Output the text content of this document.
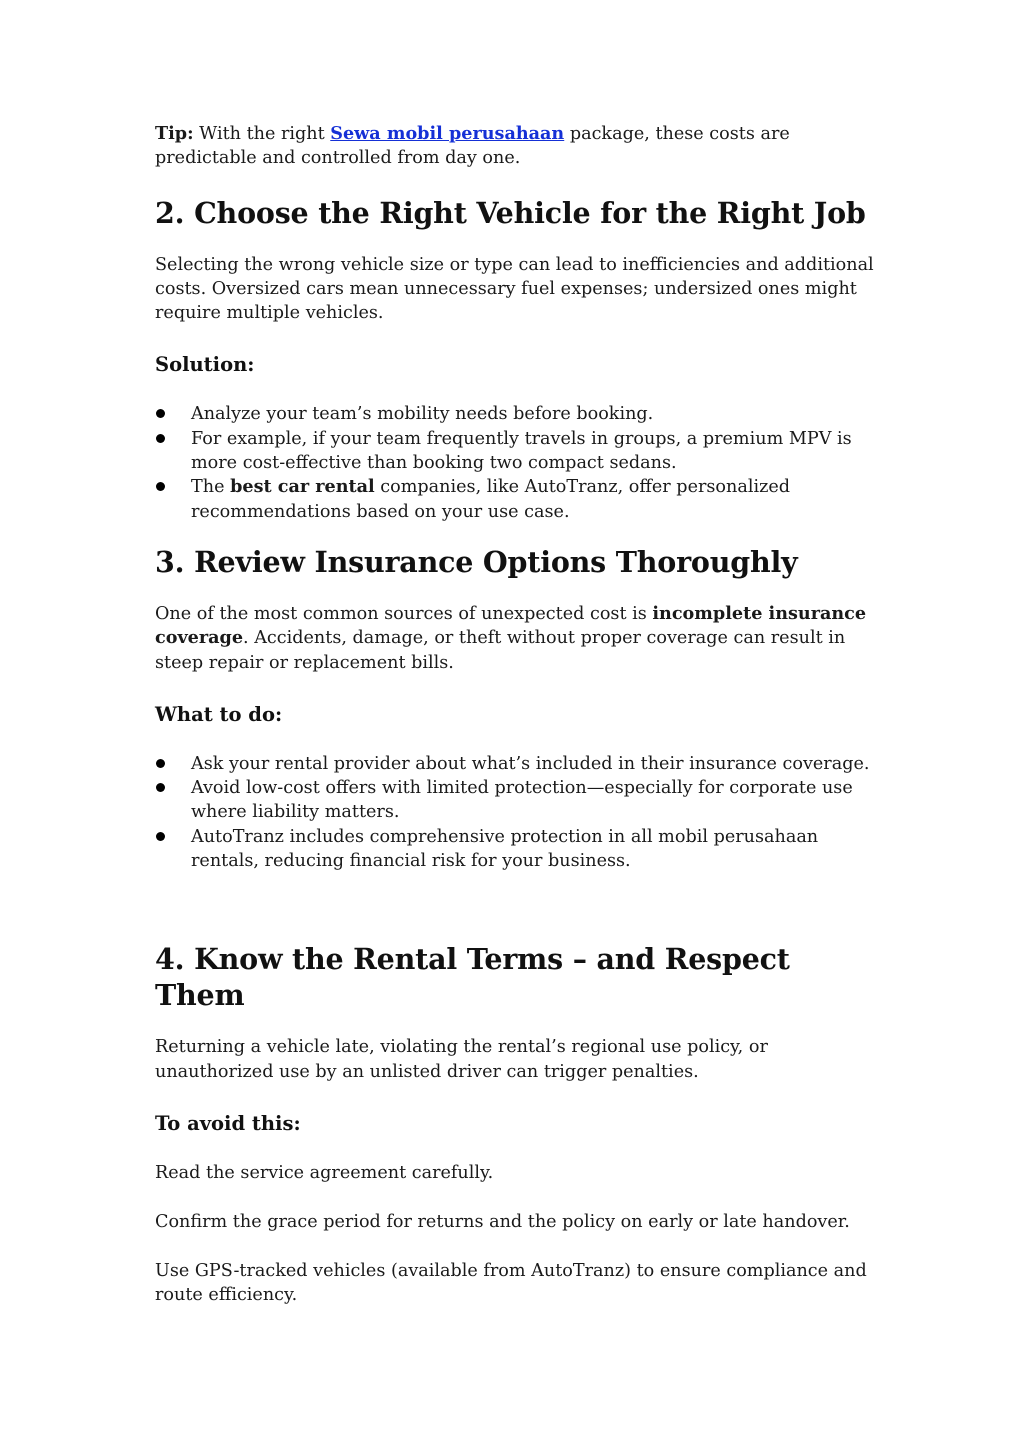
Tip: With the right Sewa mobil perusahaan package, these costs are predictable and controlled from day one.

2. Choose the Right Vehicle for the Right Job

Selecting the wrong vehicle size or type can lead to inefficiencies and additional costs. Oversized cars mean unnecessary fuel expenses; undersized ones might require multiple vehicles.

Solution:
Analyze your team’s mobility needs before booking.
For example, if your team frequently travels in groups, a premium MPV is more cost-effective than booking two compact sedans.
The best car rental companies, like AutoTranz, offer personalized recommendations based on your use case.
3. Review Insurance Options Thoroughly

One of the most common sources of unexpected cost is incomplete insurance coverage. Accidents, damage, or theft without proper coverage can result in steep repair or replacement bills.

What to do:
Ask your rental provider about what’s included in their insurance coverage.
Avoid low-cost offers with limited protection—especially for corporate use where liability matters.
AutoTranz includes comprehensive protection in all mobil perusahaan rentals, reducing financial risk for your business.
4. Know the Rental Terms – and Respect Them

Returning a vehicle late, violating the rental’s regional use policy, or unauthorized use by an unlisted driver can trigger penalties.

To avoid this:

Read the service agreement carefully.

Confirm the grace period for returns and the policy on early or late handover.

Use GPS-tracked vehicles (available from AutoTranz) to ensure compliance and route efficiency.
